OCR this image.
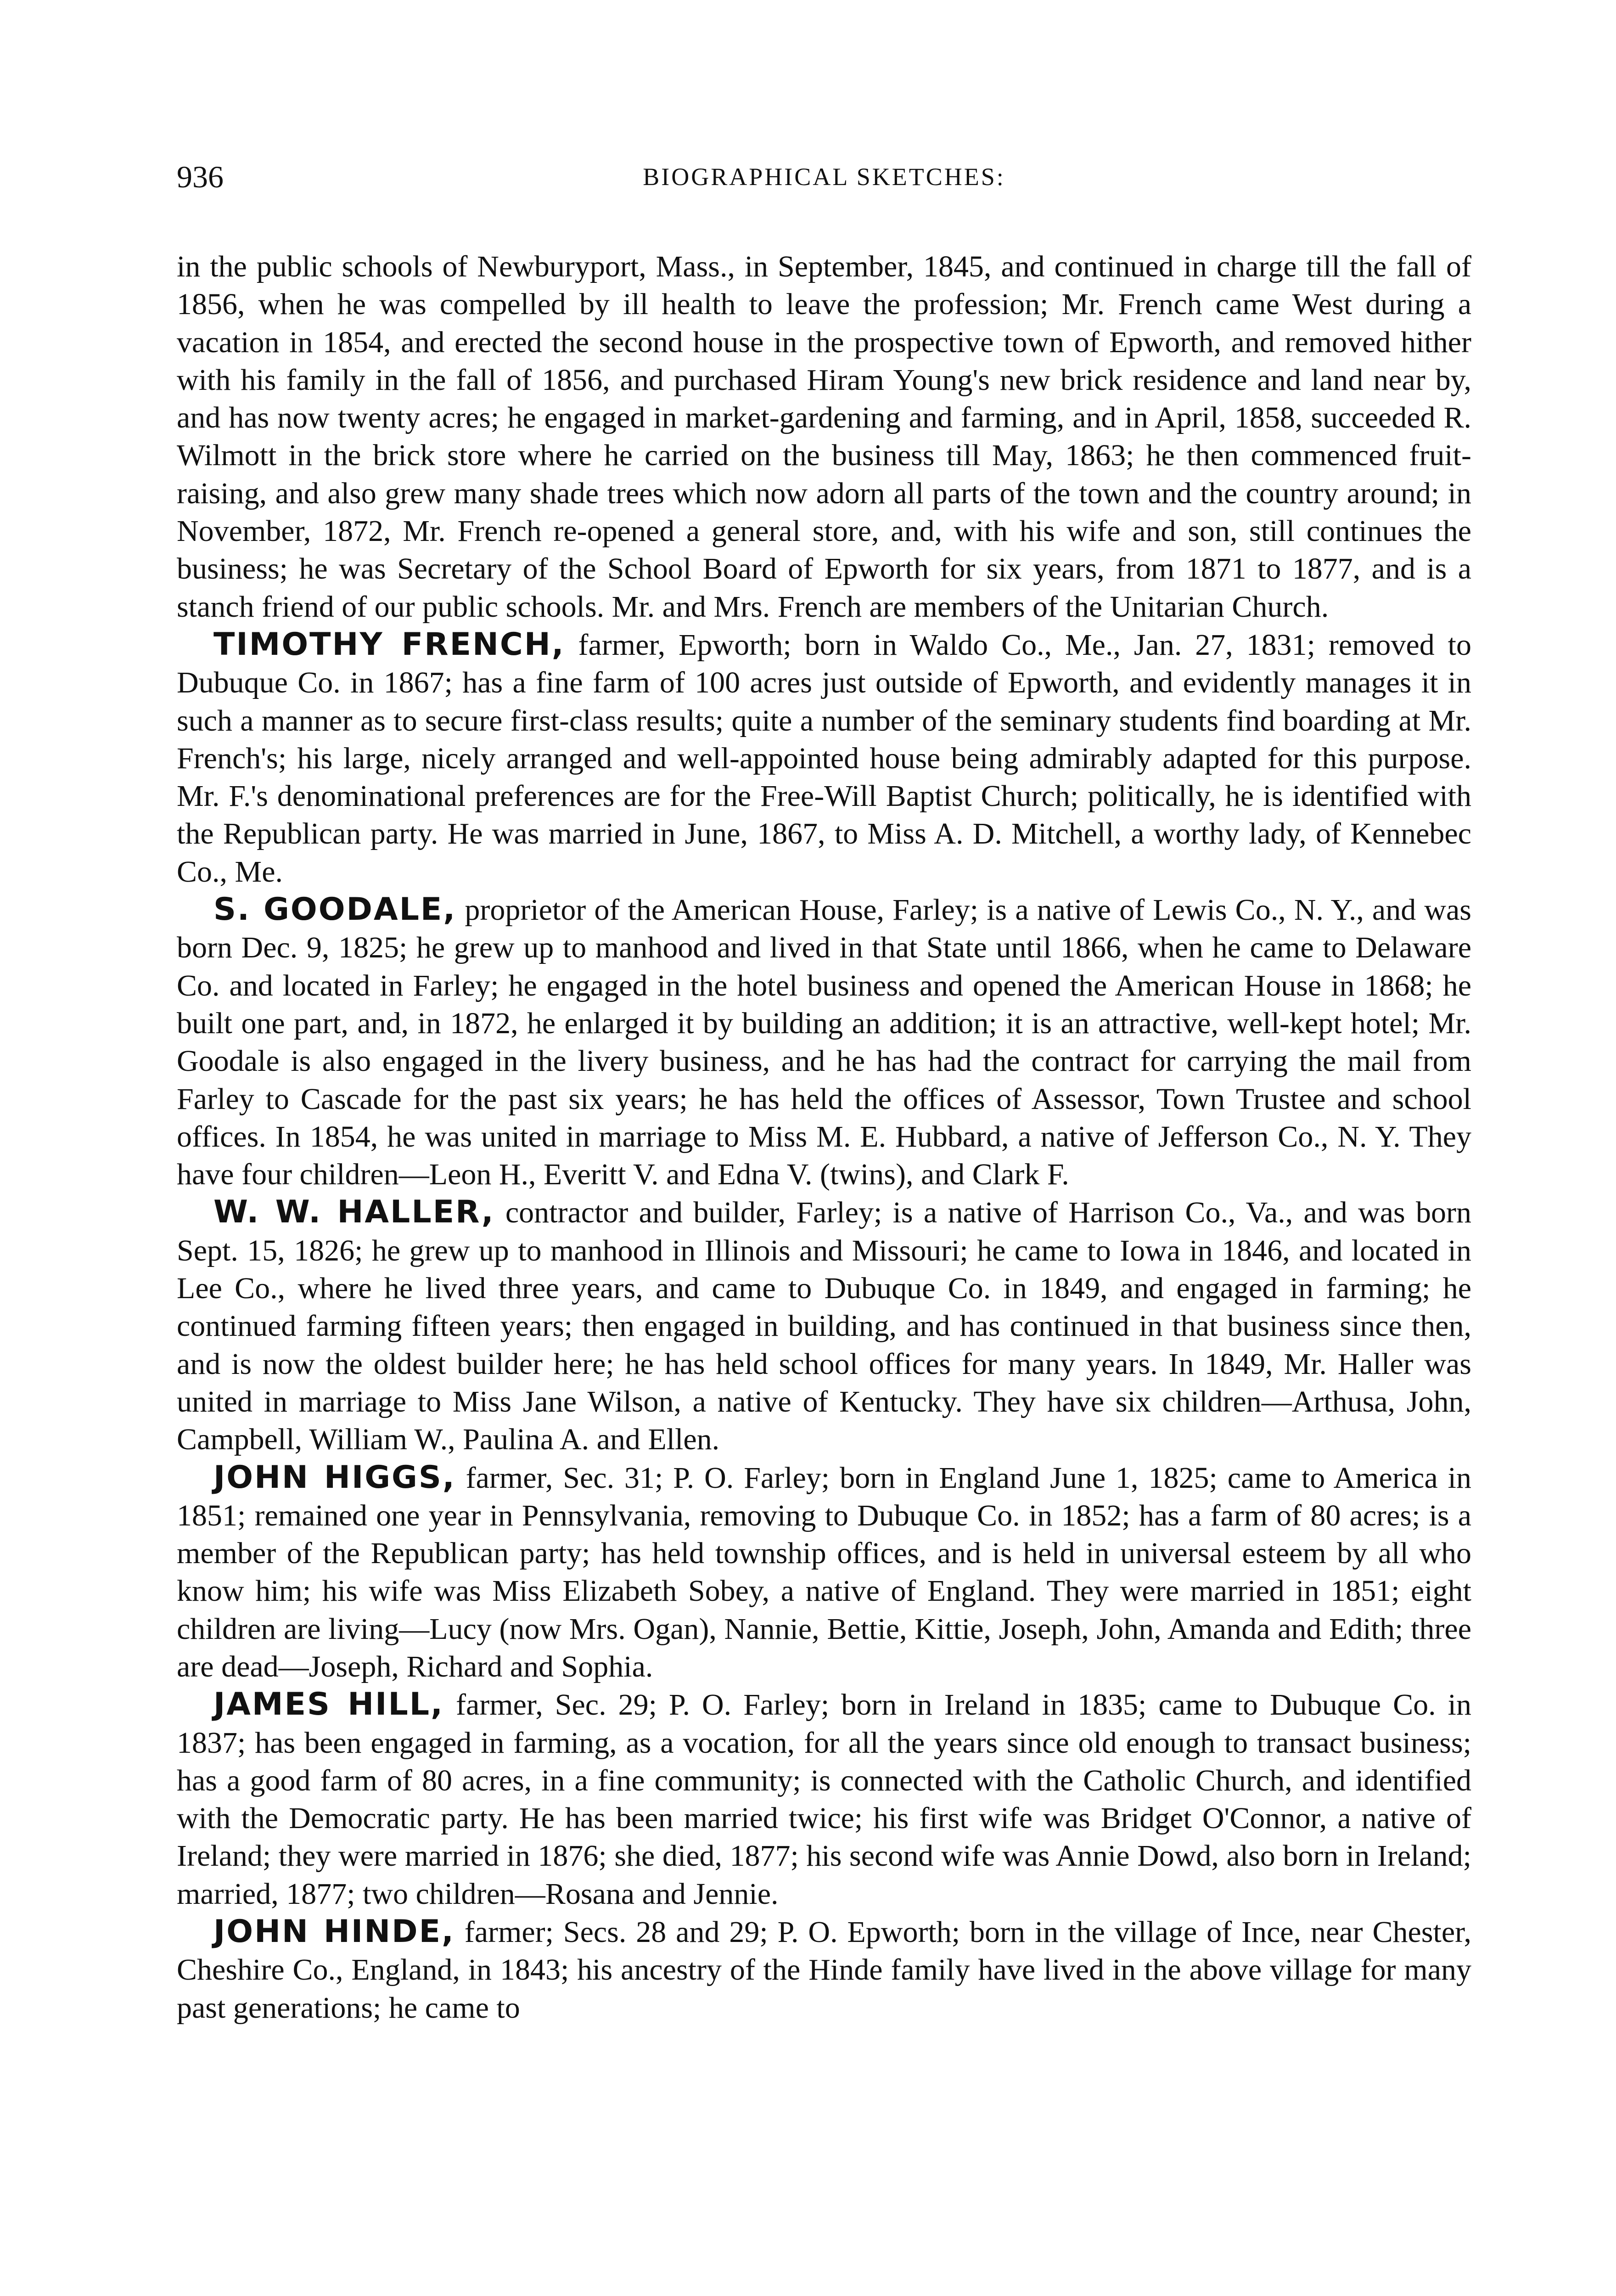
936	BIOGRAPHICAL SKETCHES:

in the public schools of Newburyport, Mass., in September, 1845, and continued in charge till the fall of 1856, when he was compelled by ill health to leave the profession; Mr. French came West during a vacation in 1854, and erected the second house in the prospective town of Epworth, and removed hither with his family in the fall of 1856, and purchased Hiram Young's new brick residence and land near by, and has now twenty acres; he engaged in market-gardening and farming, and in April, 1858, succeeded R. Wilmott in the brick store where he carried on the business till May, 1863; he then commenced fruit-raising, and also grew many shade trees which now adorn all parts of the town and the country around; in November, 1872, Mr. French re-opened a general store, and, with his wife and son, still continues the business; he was Secretary of the School Board of Epworth for six years, from 1871 to 1877, and is a stanch friend of our public schools. Mr. and Mrs. French are members of the Unitarian Church.

TIMOTHY FRENCH, farmer, Epworth; born in Waldo Co., Me., Jan. 27, 1831; removed to Dubuque Co. in 1867; has a fine farm of 100 acres just outside of Epworth, and evidently manages it in such a manner as to secure first-class results; quite a number of the seminary students find boarding at Mr. French's; his large, nicely arranged and well-appointed house being admirably adapted for this purpose. Mr. F.'s denominational preferences are for the Free-Will Baptist Church; politically, he is identified with the Republican party. He was married in June, 1867, to Miss A. D. Mitchell, a worthy lady, of Kennebec Co., Me.

S. GOODALE, proprietor of the American House, Farley; is a native of Lewis Co., N. Y., and was born Dec. 9, 1825; he grew up to manhood and lived in that State until 1866, when he came to Delaware Co. and located in Farley; he engaged in the hotel business and opened the American House in 1868; he built one part, and, in 1872, he enlarged it by building an addition; it is an attractive, well-kept hotel; Mr. Goodale is also engaged in the livery business, and he has had the contract for carrying the mail from Farley to Cascade for the past six years; he has held the offices of Assessor, Town Trustee and school offices. In 1854, he was united in marriage to Miss M. E. Hubbard, a native of Jefferson Co., N. Y. They have four children—Leon H., Everitt V. and Edna V. (twins), and Clark F.

W. W. HALLER, contractor and builder, Farley; is a native of Harrison Co., Va., and was born Sept. 15, 1826; he grew up to manhood in Illinois and Missouri; he came to Iowa in 1846, and located in Lee Co., where he lived three years, and came to Dubuque Co. in 1849, and engaged in farming; he continued farming fifteen years; then engaged in building, and has continued in that business since then, and is now the oldest builder here; he has held school offices for many years. In 1849, Mr. Haller was united in marriage to Miss Jane Wilson, a native of Kentucky. They have six children—Arthusa, John, Campbell, William W., Paulina A. and Ellen.

JOHN HIGGS, farmer, Sec. 31; P. O. Farley; born in England June 1, 1825; came to America in 1851; remained one year in Pennsylvania, removing to Dubuque Co. in 1852; has a farm of 80 acres; is a member of the Republican party; has held township offices, and is held in universal esteem by all who know him; his wife was Miss Elizabeth Sobey, a native of England. They were married in 1851; eight children are living—Lucy (now Mrs. Ogan), Nannie, Bettie, Kittie, Joseph, John, Amanda and Edith; three are dead—Joseph, Richard and Sophia.

JAMES HILL, farmer, Sec. 29; P. O. Farley; born in Ireland in 1835; came to Dubuque Co. in 1837; has been engaged in farming, as a vocation, for all the years since old enough to transact business; has a good farm of 80 acres, in a fine community; is connected with the Catholic Church, and identified with the Democratic party. He has been married twice; his first wife was Bridget O'Connor, a native of Ireland; they were married in 1876; she died, 1877; his second wife was Annie Dowd, also born in Ireland; married, 1877; two children—Rosana and Jennie.

JOHN HINDE, farmer; Secs. 28 and 29; P. O. Epworth; born in the village of Ince, near Chester, Cheshire Co., England, in 1843; his ancestry of the Hinde family have lived in the above village for many past generations; he came to
